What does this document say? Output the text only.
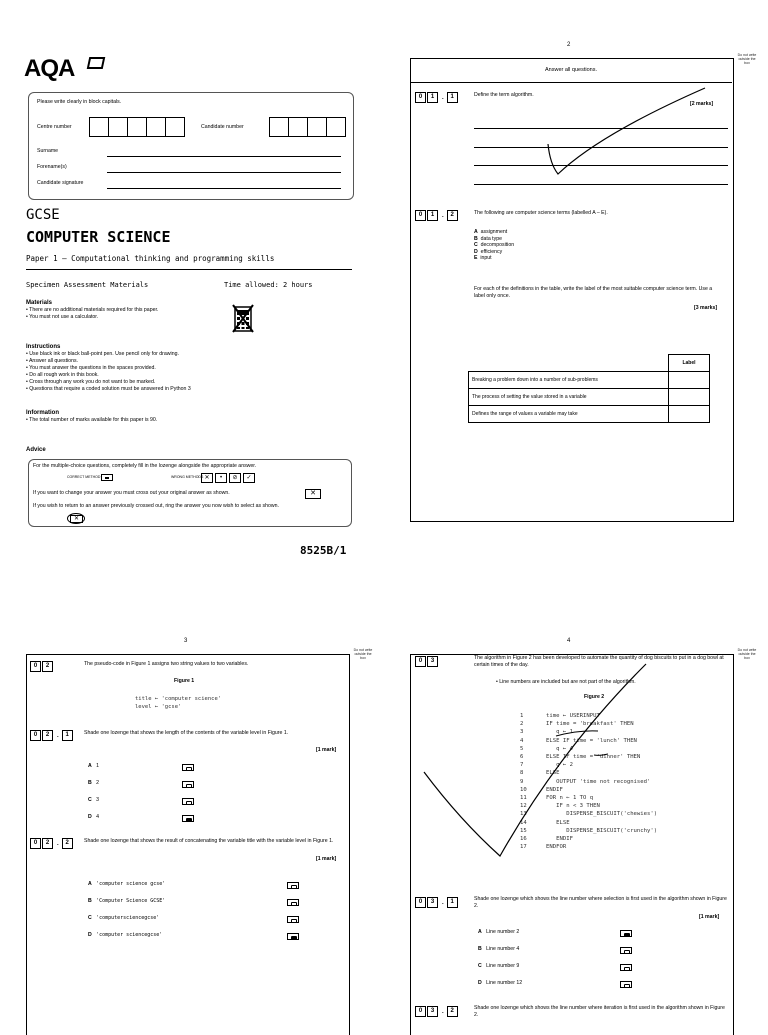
AQA
Please write clearly in block capitals.
Centre number	Candidate number
Surname
Forename(s)
Candidate signature
GCSE
COMPUTER SCIENCE
Paper 1 – Computational thinking and programming skills
Specimen Assessment Materials	Time allowed: 2 hours
Materials
• There are no additional materials required for this paper.
• You must not use a calculator.
Instructions
• Use black ink or black ball-point pen. Use pencil only for drawing.
• Answer all questions.
• You must answer the questions in the spaces provided.
• Do all rough work in this book.
• Cross through any work you do not want to be marked.
• Questions that require a coded solution must be answered in Python 3
Information
• The total number of marks available for this paper is 90.
Advice
For the multiple-choice questions, completely fill in the lozenge alongside the appropriate answer.
CORRECT METHOD	WRONG METHODS ✕	•	⊘	✓
If you want to change your answer you must cross out your original answer as shown.	✕
If you wish to return to an answer previously crossed out, ring the answer you now wish to select as shown.
✕
8525B/1
2
Do not write outside the box
Answer all questions.
0	1	.	1	Define the term algorithm.
[2 marks]
0	1	.	2	The following are computer science terms (labelled A – E).
A assignment
B data type
C decomposition
D efficiency
E input
For each of the definitions in the table, write the label of the most suitable computer science term. Use a label only once.
[3 marks]
	Label
Breaking a problem down into a number of sub-problems	
The process of setting the value stored in a variable	
Defines the range of values a variable may take	
3
Do not write outside the box
0	2	The pseudo-code in Figure 1 assigns two string values to two variables.
Figure 1
title ← 'computer science'
level ← 'gcse'
0	2	.	1	Shade one lozenge that shows the length of the contents of the variable level in Figure 1.
[1 mark]
A 1
B 2
C 3
D 4
0	2	.	2	Shade one lozenge that shows the result of concatenating the variable title with the variable level in Figure 1.
[1 mark]
A 'computer science gcse'
B 'Computer Science GCSE'
C 'computersciencegcse'
D 'computer sciencegcse'
4
Do not write outside the box
0	3	The algorithm in Figure 2 has been developed to automate the quantity of dog biscuits to put in a dog bowl at certain times of the day.
• Line numbers are included but are not part of the algorithm.
Figure 2
1	time ← USERINPUT
2	IF time = 'breakfast' THEN
3	q ← 1
4	ELSE IF time = 'lunch' THEN
5	q ← 4
6	ELSE IF time = 'dinner' THEN
7	q ← 2
8	ELSE
9	OUTPUT 'time not recognised'
10	ENDIF
11	FOR n ← 1 TO q
12	IF n < 3 THEN
13	DISPENSE_BISCUIT('chewies')
14	ELSE
15	DISPENSE_BISCUIT('crunchy')
16	ENDIF
17	ENDFOR
0	3	.	1	Shade one lozenge which shows the line number where selection is first used in the algorithm shown in Figure 2.
[1 mark]
A Line number 2
B Line number 4
C Line number 9
D Line number 12
0	3	.	2	Shade one lozenge which shows the line number where iteration is first used in the algorithm shown in Figure 2.
